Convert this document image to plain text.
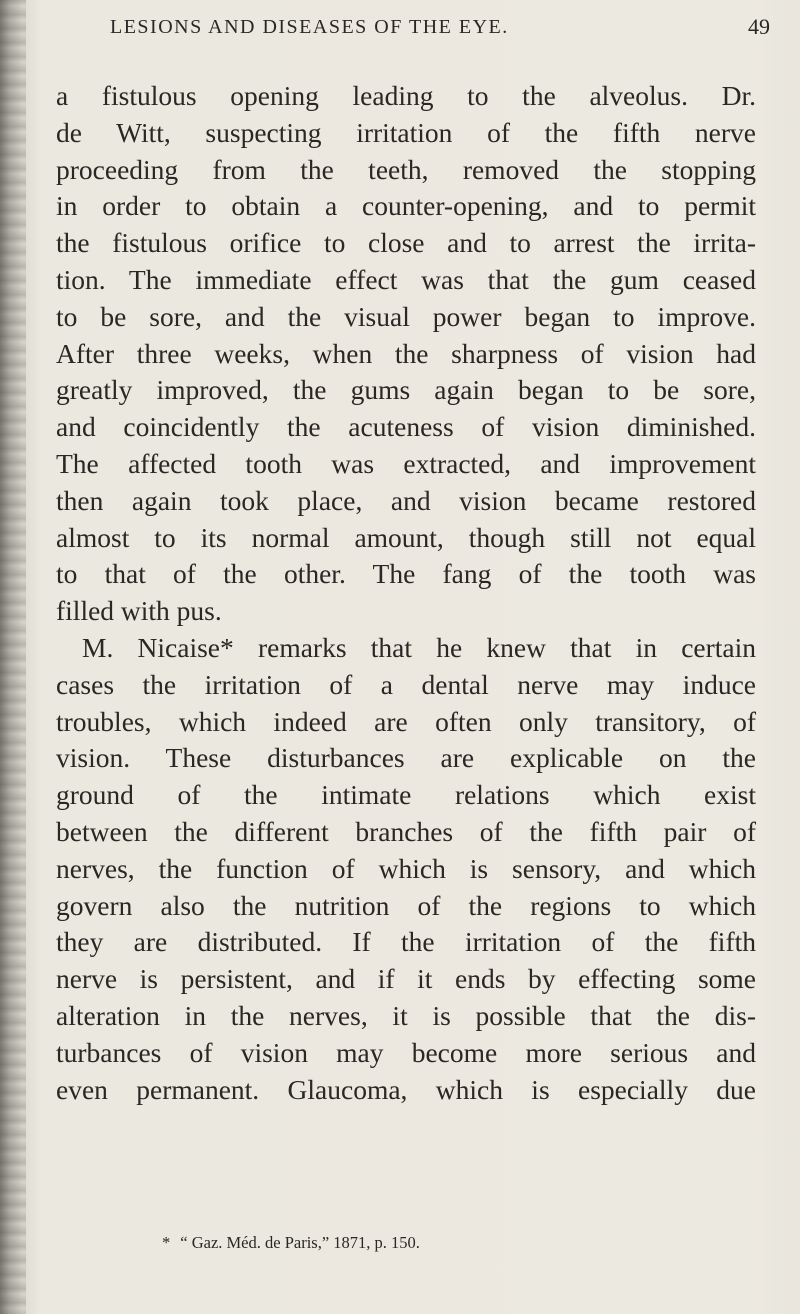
LESIONS AND DISEASES OF THE EYE.	49
a fistulous opening leading to the alveolus. Dr.
de Witt, suspecting irritation of the fifth nerve
proceeding from the teeth, removed the stopping
in order to obtain a counter-opening, and to permit
the fistulous orifice to close and to arrest the irrita-
tion. The immediate effect was that the gum ceased
to be sore, and the visual power began to improve.
After three weeks, when the sharpness of vision had
greatly improved, the gums again began to be sore,
and coincidently the acuteness of vision diminished.
The affected tooth was extracted, and improvement
then again took place, and vision became restored
almost to its normal amount, though still not equal
to that of the other. The fang of the tooth was
filled with pus.
M. Nicaise* remarks that he knew that in certain
cases the irritation of a dental nerve may induce
troubles, which indeed are often only transitory, of
vision. These disturbances are explicable on the
ground of the intimate relations which exist
between the different branches of the fifth pair of
nerves, the function of which is sensory, and which
govern also the nutrition of the regions to which
they are distributed. If the irritation of the fifth
nerve is persistent, and if it ends by effecting some
alteration in the nerves, it is possible that the dis-
turbances of vision may become more serious and
even permanent. Glaucoma, which is especially due
* “ Gaz. Méd. de Paris,” 1871, p. 150.
